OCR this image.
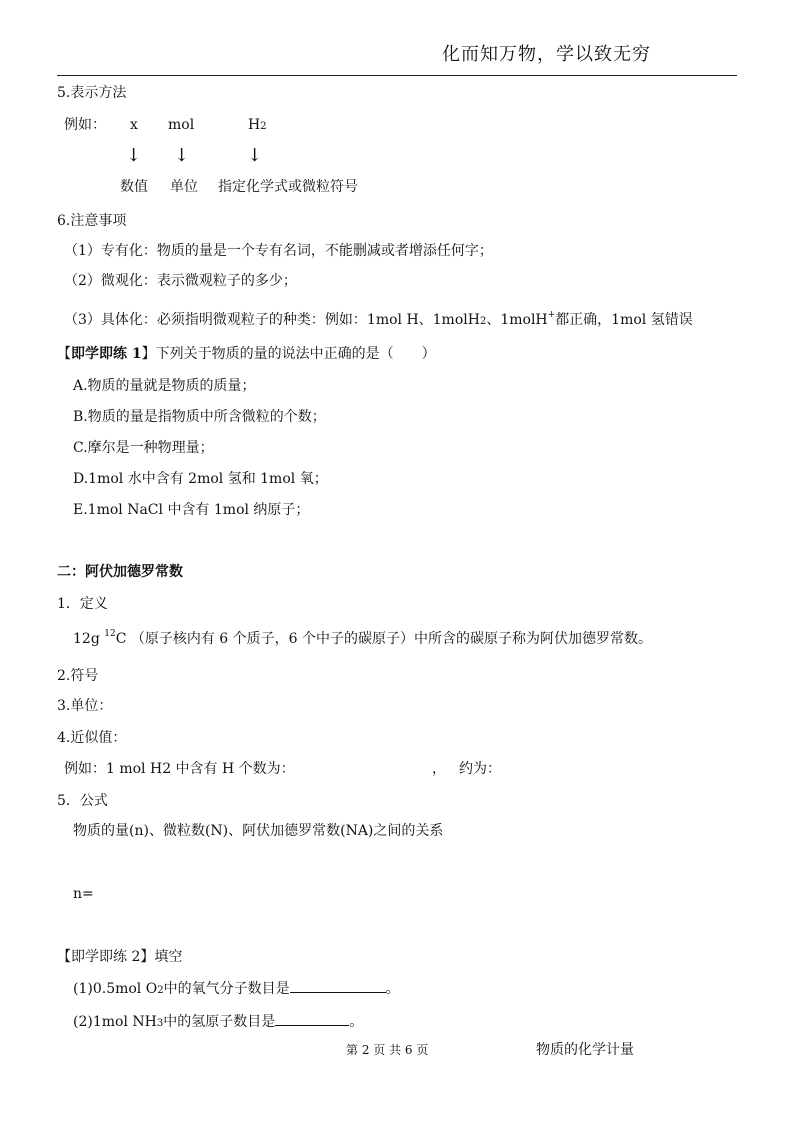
化而知万物，学以致无穷
5.表示方法
例如： x mol	H2
↓ ↓	↓
数值 单位 指定化学式或微粒符号
6.注意事项
（1）专有化：物质的量是一个专有名词，不能删减或者增添任何字；
（2）微观化：表示微观粒子的多少；
（3）具体化：必须指明微观粒子的种类：例如：1mol H、1molH2、1molH+都正确，1mol 氢错误
【即学即练 1】下列关于物质的量的说法中正确的是（　　）
A.物质的量就是物质的质量；
B.物质的量是指物质中所含微粒的个数；
C.摩尔是一种物理量；
D.1mol 水中含有 2mol 氢和 1mol 氧；
E.1mol NaCl 中含有 1mol 纳原子；
二：阿伏加德罗常数
1．定义
12g $^{12}$C （原子核内有 6 个质子，6 个中子的碳原子）中所含的碳原子称为阿伏加德罗常数。
2.符号
3.单位：
4.近似值：
例如：1 mol H2 中含有 H 个数为：	， 约为：
5．公式
物质的量(n)、微粒数(N)、阿伏加德罗常数(NA)之间的关系
n=
【即学即练 2】填空
(1)0.5mol O2中的氧气分子数目是	。
(2)1mol NH3中的氢原子数目是	。
第 2 页 共 6 页	物质的化学计量
